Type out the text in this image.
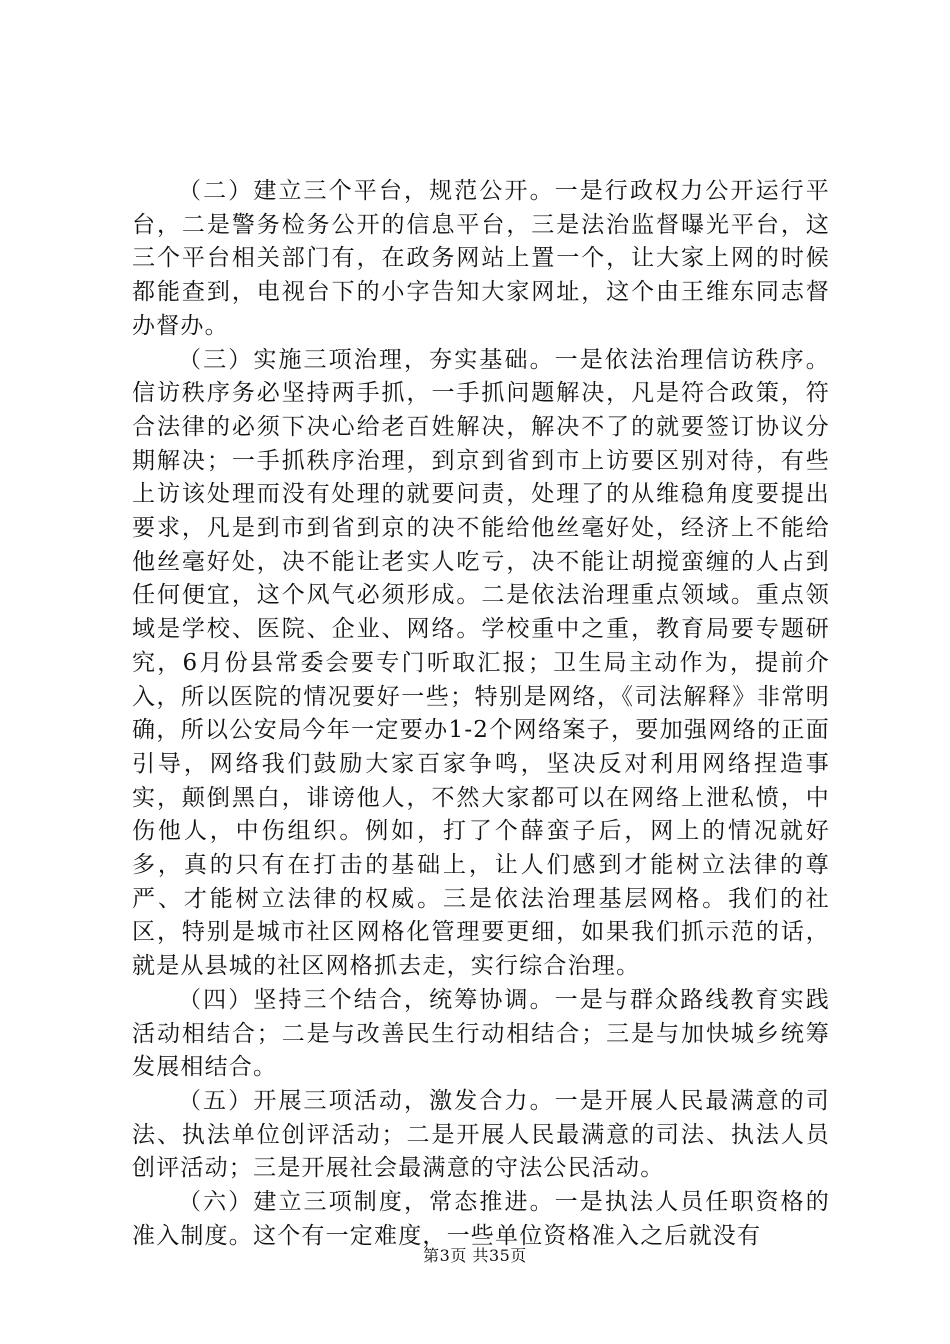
（二）建立三个平台，规范公开。一是行政权力公开运行平台，二是警务检务公开的信息平台，三是法治监督曝光平台，这三个平台相关部门有，在政务网站上置一个，让大家上网的时候都能查到，电视台下的小字告知大家网址，这个由王维东同志督办督办。

（三）实施三项治理，夯实基础。一是依法治理信访秩序。信访秩序务必坚持两手抓，一手抓问题解决，凡是符合政策，符合法律的必须下决心给老百姓解决，解决不了的就要签订协议分期解决；一手抓秩序治理，到京到省到市上访要区别对待，有些上访该处理而没有处理的就要问责，处理了的从维稳角度要提出要求，凡是到市到省到京的决不能给他丝毫好处，经济上不能给他丝毫好处，决不能让老实人吃亏，决不能让胡搅蛮缠的人占到任何便宜，这个风气必须形成。二是依法治理重点领域。重点领域是学校、医院、企业、网络。学校重中之重，教育局要专题研究，6月份县常委会要专门听取汇报；卫生局主动作为，提前介入，所以医院的情况要好一些；特别是网络，《司法解释》非常明确，所以公安局今年一定要办1-2个网络案子，要加强网络的正面引导，网络我们鼓励大家百家争鸣，坚决反对利用网络捏造事实，颠倒黑白，诽谤他人，不然大家都可以在网络上泄私愤，中伤他人，中伤组织。例如，打了个薛蛮子后，网上的情况就好多，真的只有在打击的基础上，让人们感到才能树立法律的尊严、才能树立法律的权威。三是依法治理基层网格。我们的社区，特别是城市社区网格化管理要更细，如果我们抓示范的话，就是从县城的社区网格抓去走，实行综合治理。

（四）坚持三个结合，统筹协调。一是与群众路线教育实践活动相结合；二是与改善民生行动相结合；三是与加快城乡统筹发展相结合。

（五）开展三项活动，激发合力。一是开展人民最满意的司法、执法单位创评活动；二是开展人民最满意的司法、执法人员创评活动；三是开展社会最满意的守法公民活动。

（六）建立三项制度，常态推进。一是执法人员任职资格的准入制度。这个有一定难度，一些单位资格准入之后就没有

第3页 共35页
